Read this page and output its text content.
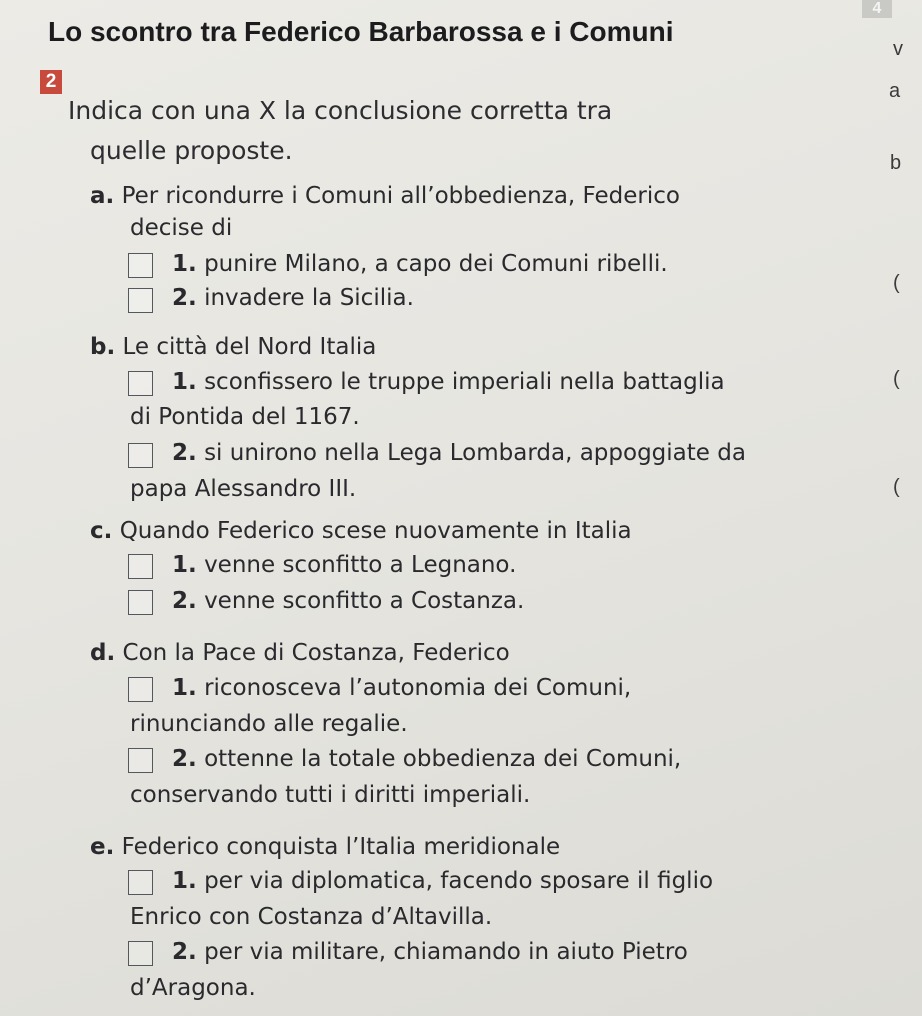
4
Lo scontro tra Federico Barbarossa e i Comuni
v
a
b
(
(
(
2
Indica con una X la conclusione corretta tra
quelle proposte.
a. Per ricondurre i Comuni all’obbedienza, Federico
decise di
1. punire Milano, a capo dei Comuni ribelli.
2. invadere la Sicilia.
b. Le città del Nord Italia
1. sconfissero le truppe imperiali nella battaglia
di Pontida del 1167.
2. si unirono nella Lega Lombarda, appoggiate da
papa Alessandro III.
c. Quando Federico scese nuovamente in Italia
1. venne sconfitto a Legnano.
2. venne sconfitto a Costanza.
d. Con la Pace di Costanza, Federico
1. riconosceva l’autonomia dei Comuni,
rinunciando alle regalie.
2. ottenne la totale obbedienza dei Comuni,
conservando tutti i diritti imperiali.
e. Federico conquista l’Italia meridionale
1. per via diplomatica, facendo sposare il figlio
Enrico con Costanza d’Altavilla.
2. per via militare, chiamando in aiuto Pietro
d’Aragona.
